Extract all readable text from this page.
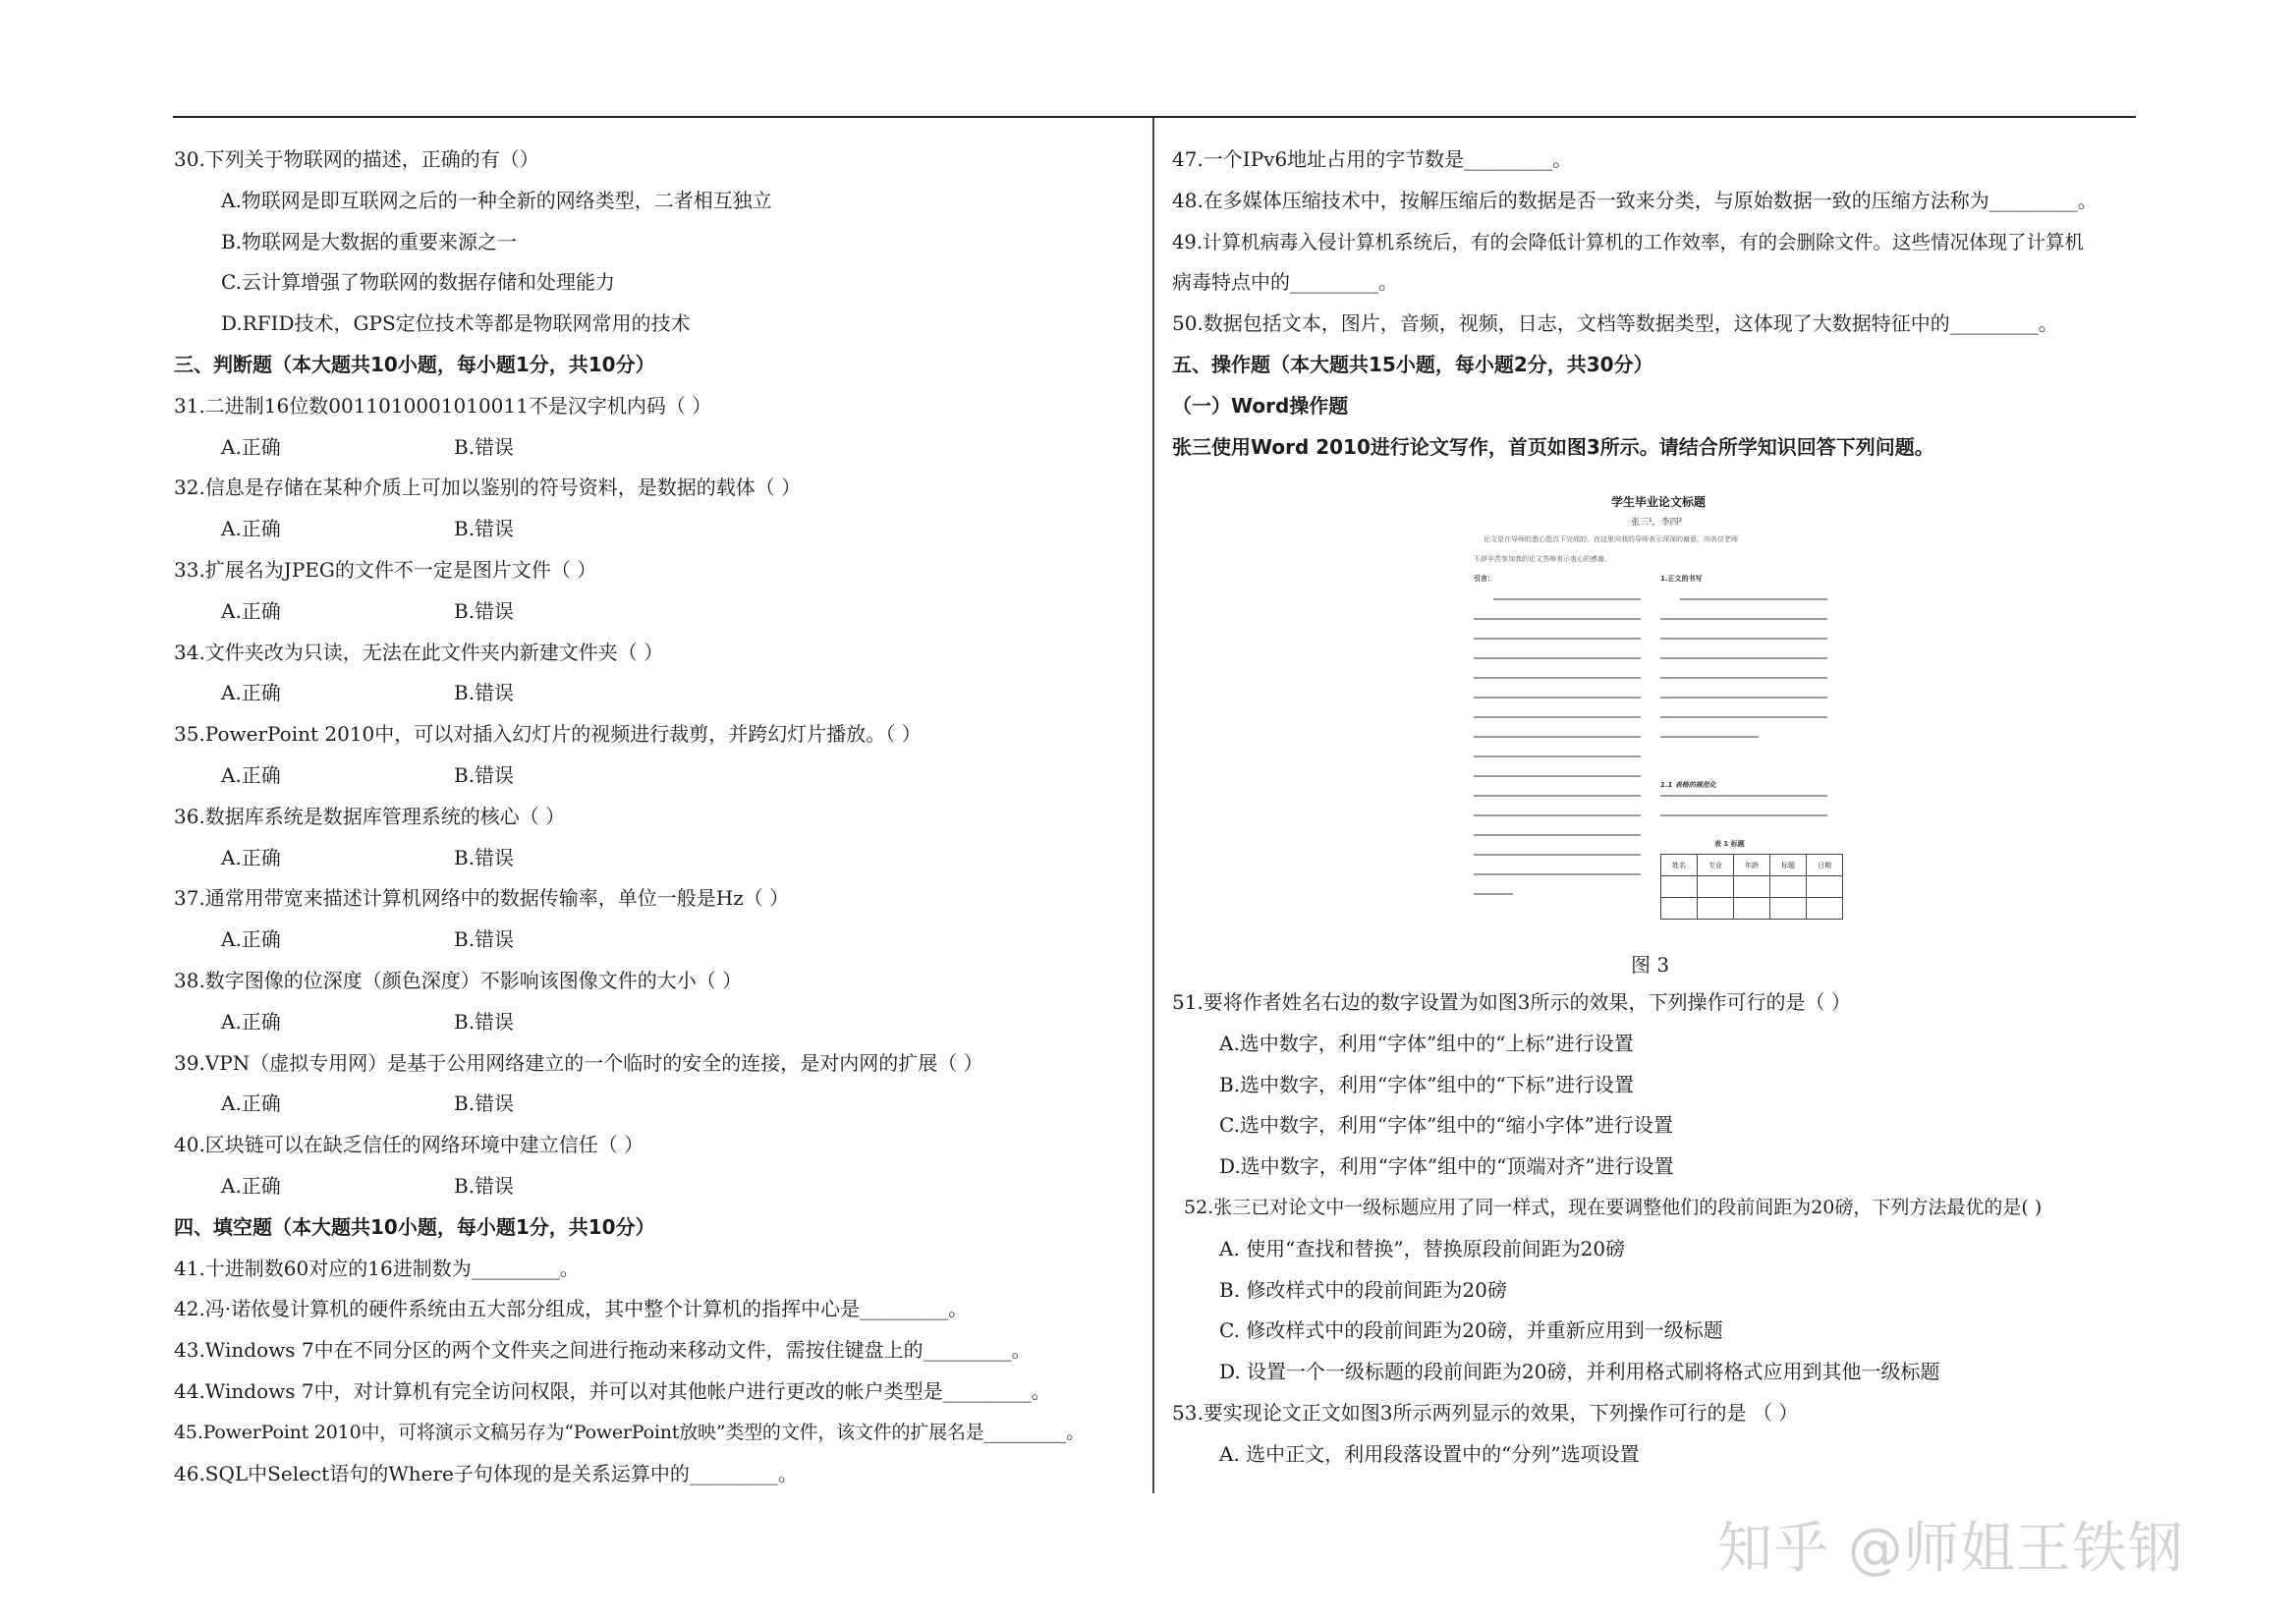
30.下列关于物联网的描述，正确的有（）
A.物联网是即互联网之后的一种全新的网络类型，二者相互独立
B.物联网是大数据的重要来源之一
C.云计算增强了物联网的数据存储和处理能力
D.RFID技术，GPS定位技术等都是物联网常用的技术
三、判断题（本大题共10小题，每小题1分，共10分）
31.二进制16位数0011010001010011不是汉字机内码（ ）
A.正确	B.错误
32.信息是存储在某种介质上可加以鉴别的符号资料，是数据的载体（ ）
A.正确	B.错误
33.扩展名为JPEG的文件不一定是图片文件（ ）
A.正确	B.错误
34.文件夹改为只读，无法在此文件夹内新建文件夹（ ）
A.正确	B.错误
35.PowerPoint 2010中，可以对插入幻灯片的视频进行裁剪，并跨幻灯片播放。（ ）
A.正确	B.错误
36.数据库系统是数据库管理系统的核心（ ）
A.正确	B.错误
37.通常用带宽来描述计算机网络中的数据传输率，单位一般是Hz（ ）
A.正确	B.错误
38.数字图像的位深度（颜色深度）不影响该图像文件的大小（ ）
A.正确	B.错误
39.VPN（虚拟专用网）是基于公用网络建立的一个临时的安全的连接，是对内网的扩展（ ）
A.正确	B.错误
40.区块链可以在缺乏信任的网络环境中建立信任（ ）
A.正确	B.错误
四、填空题（本大题共10小题，每小题1分，共10分）
41.十进制数60对应的16进制数为_________。
42.冯·诺依曼计算机的硬件系统由五大部分组成，其中整个计算机的指挥中心是_________。
43.Windows 7中在不同分区的两个文件夹之间进行拖动来移动文件，需按住键盘上的_________。
44.Windows 7中，对计算机有完全访问权限，并可以对其他帐户进行更改的帐户类型是_________。
45.PowerPoint 2010中，可将演示文稿另存为“PowerPoint放映”类型的文件，该文件的扩展名是_________。
46.SQL中Select语句的Where子句体现的是关系运算中的_________。
47.一个IPv6地址占用的字节数是_________。
48.在多媒体压缩技术中，按解压缩后的数据是否一致来分类，与原始数据一致的压缩方法称为_________。
49.计算机病毒入侵计算机系统后，有的会降低计算机的工作效率，有的会删除文件。这些情况体现了计算机
病毒特点中的_________。
50.数据包括文本，图片，音频，视频，日志，文档等数据类型，这体现了大数据特征中的_________。
五、操作题（本大题共15小题，每小题2分，共30分）
（一）Word操作题
张三使用Word 2010进行论文写作，首页如图3所示。请结合所学知识回答下列问题。
学生毕业论文标题
张三¹，李四²
论文是在导师的悉心指点下完成的，在这里向我的导师表示深深的谢意，向各位老师
不辞辛苦参加我的论文答辩表示衷心的感谢。
引言：	1.正文的书写
1.1 表格的规范化
表 1 标题
姓名	专业	年龄	标题	日期

图 3
51.要将作者姓名右边的数字设置为如图3所示的效果，下列操作可行的是（ ）
A.选中数字，利用“字体”组中的“上标”进行设置
B.选中数字，利用“字体”组中的“下标”进行设置
C.选中数字，利用“字体”组中的“缩小字体”进行设置
D.选中数字，利用“字体”组中的“顶端对齐”进行设置
52.张三已对论文中一级标题应用了同一样式，现在要调整他们的段前间距为20磅，下列方法最优的是( )
A. 使用“查找和替换”，替换原段前间距为20磅
B. 修改样式中的段前间距为20磅
C. 修改样式中的段前间距为20磅，并重新应用到一级标题
D. 设置一个一级标题的段前间距为20磅，并利用格式刷将格式应用到其他一级标题
53.要实现论文正文如图3所示两列显示的效果，下列操作可行的是 （ ）
A. 选中正文，利用段落设置中的“分列”选项设置
知乎 @师姐王铁钢
